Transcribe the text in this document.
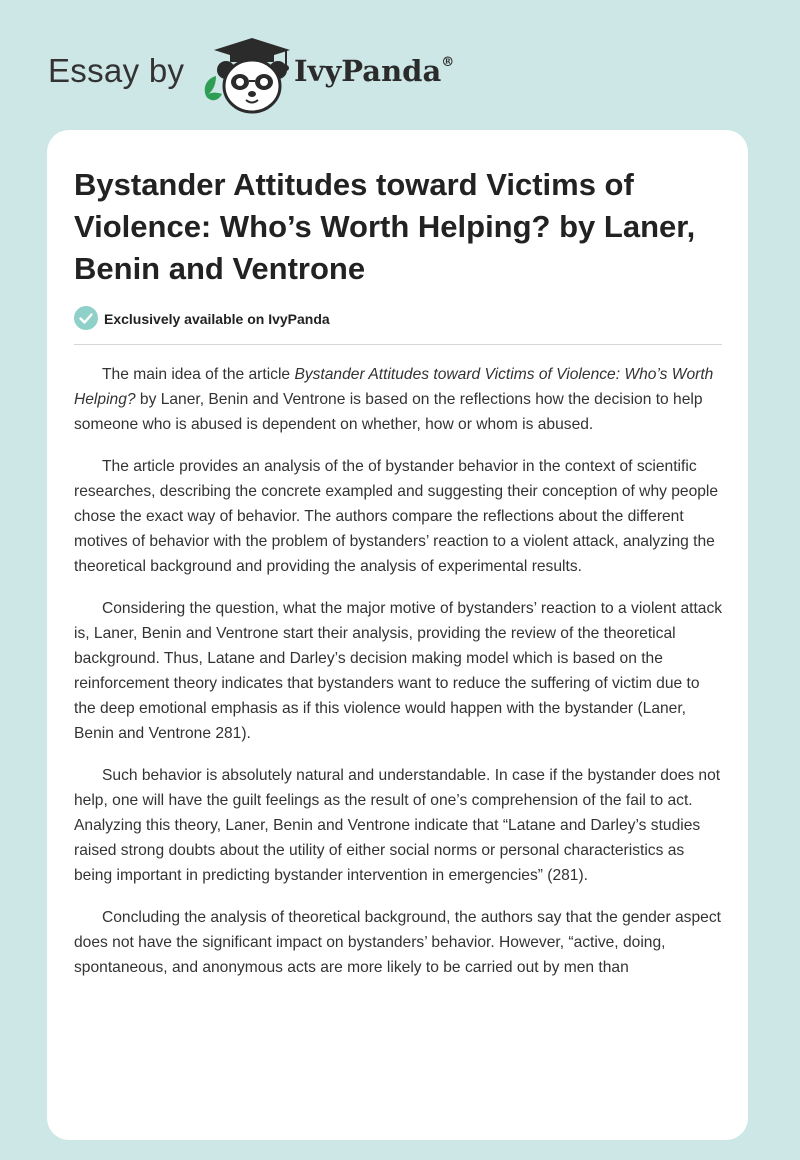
Essay by	IvyPanda®
Bystander Attitudes toward Victims of Violence: Who’s Worth Helping? by Laner, Benin and Ventrone
Exclusively available on IvyPanda

The main idea of the article Bystander Attitudes toward Victims of Violence: Who’s Worth Helping? by Laner, Benin and Ventrone is based on the reflections how the decision to help someone who is abused is dependent on whether, how or whom is abused.

The article provides an analysis of the of bystander behavior in the context of scientific researches, describing the concrete exampled and suggesting their conception of why people chose the exact way of behavior. The authors compare the reflections about the different motives of behavior with the problem of bystanders’ reaction to a violent attack, analyzing the theoretical background and providing the analysis of experimental results.

Considering the question, what the major motive of bystanders’ reaction to a violent attack is, Laner, Benin and Ventrone start their analysis, providing the review of the theoretical background. Thus, Latane and Darley’s decision making model which is based on the reinforcement theory indicates that bystanders want to reduce the suffering of victim due to the deep emotional emphasis as if this violence would happen with the bystander (Laner, Benin and Ventrone 281).

Such behavior is absolutely natural and understandable. In case if the bystander does not help, one will have the guilt feelings as the result of one’s comprehension of the fail to act. Analyzing this theory, Laner, Benin and Ventrone indicate that “Latane and Darley’s studies raised strong doubts about the utility of either social norms or personal characteristics as being important in predicting bystander intervention in emergencies” (281).

Concluding the analysis of theoretical background, the authors say that the gender aspect does not have the significant impact on bystanders’ behavior. However, “active, doing, spontaneous, and anonymous acts are more likely to be carried out by men than
